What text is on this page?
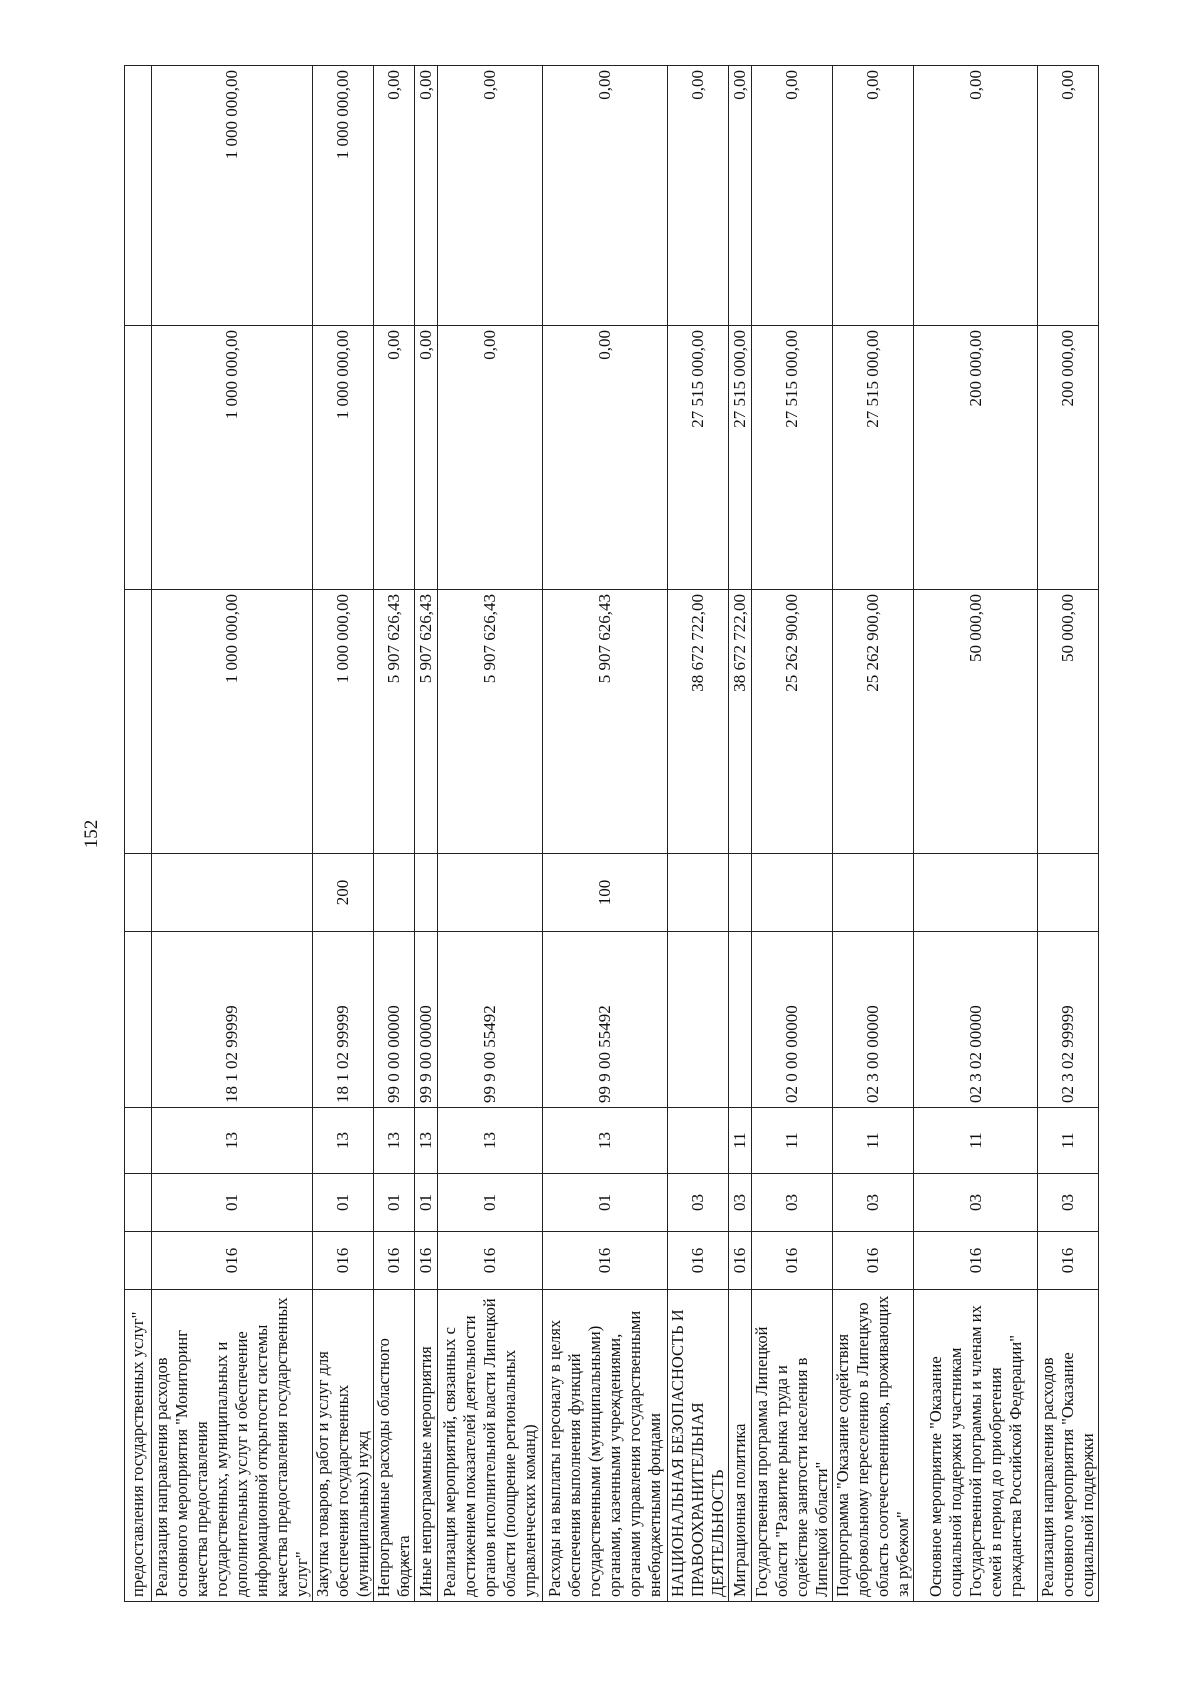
152
предоставления государственных услуг"								
Реализация направления расходов основного мероприятия "Мониторинг качества предоставления государственных, муниципальных и дополнительных услуг и обеспечение информационной открытости системы качества предоставления государственных услуг"	016	01	13	18 1 02 99999		1 000 000,00	1 000 000,00	1 000 000,00
Закупка товаров, работ и услуг для обеспечения государственных (муниципальных) нужд	016	01	13	18 1 02 99999	200	1 000 000,00	1 000 000,00	1 000 000,00
Непрограммные расходы областного бюджета	016	01	13	99 0 00 00000		5 907 626,43	0,00	0,00
Иные непрограммные мероприятия	016	01	13	99 9 00 00000		5 907 626,43	0,00	0,00
Реализация мероприятий, связанных с достижением показателей деятельности органов исполнительной власти Липецкой области (поощрение региональных управленческих команд)	016	01	13	99 9 00 55492		5 907 626,43	0,00	0,00
Расходы на выплаты персоналу в целях обеспечения выполнения функций государственными (муниципальными) органами, казенными учреждениями, органами управления государственными внебюджетными фондами	016	01	13	99 9 00 55492	100	5 907 626,43	0,00	0,00
НАЦИОНАЛЬНАЯ БЕЗОПАСНОСТЬ И ПРАВООХРАНИТЕЛЬНАЯ ДЕЯТЕЛЬНОСТЬ	016	03				38 672 722,00	27 515 000,00	0,00
Миграционная политика	016	03	11			38 672 722,00	27 515 000,00	0,00
Государственная программа Липецкой области "Развитие рынка труда и содействие занятости населения в Липецкой области"	016	03	11	02 0 00 00000		25 262 900,00	27 515 000,00	0,00
Подпрограмма "Оказание содействия добровольному переселению в Липецкую область соотечественников, проживающих за рубежом"	016	03	11	02 3 00 00000		25 262 900,00	27 515 000,00	0,00
Основное мероприятие "Оказание социальной поддержки участникам Государственной программы и членам их семей в период до приобретения гражданства Российской Федерации"	016	03	11	02 3 02 00000		50 000,00	200 000,00	0,00
Реализация направления расходов основного мероприятия "Оказание социальной поддержки	016	03	11	02 3 02 99999		50 000,00	200 000,00	0,00
